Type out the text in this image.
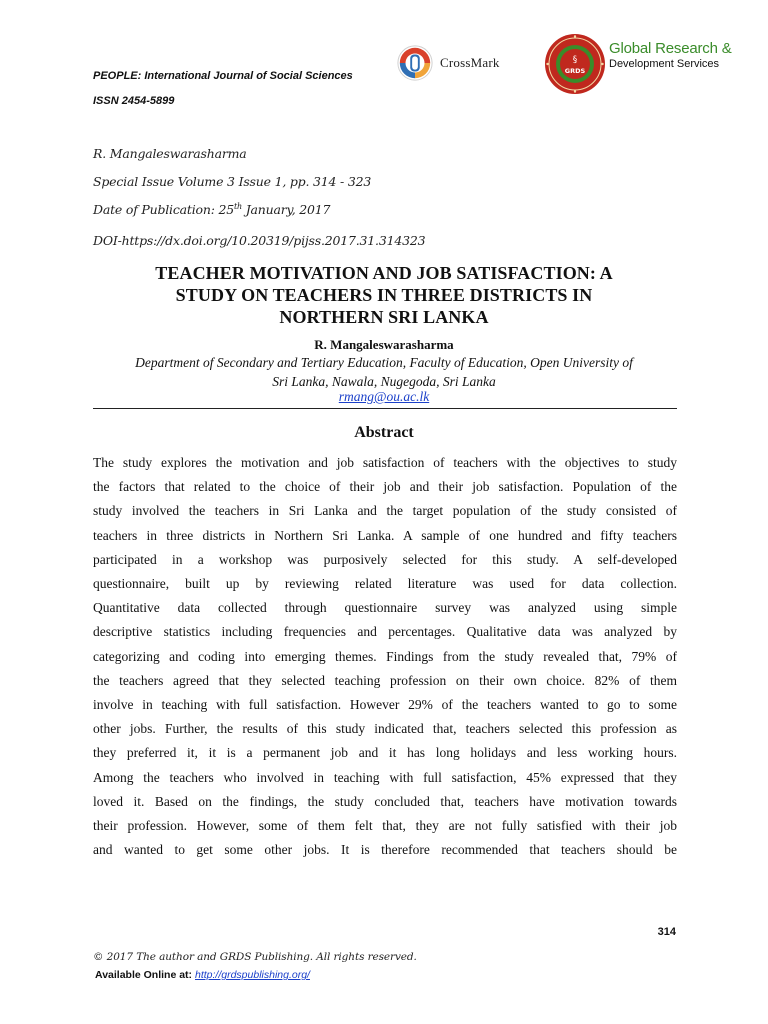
PEOPLE: International Journal of Social Sciences
ISSN 2454-5899
CrossMark	§
GRDS
Global Research &
Development Services
R. Mangaleswarasharma
Special Issue Volume 3 Issue 1, pp. 314 - 323
Date of Publication: 25th January, 2017
DOI-https://dx.doi.org/10.20319/pijss.2017.31.314323
TEACHER MOTIVATION AND JOB SATISFACTION: A
STUDY ON TEACHERS IN THREE DISTRICTS IN
NORTHERN SRI LANKA
R. Mangaleswarasharma
Department of Secondary and Tertiary Education, Faculty of Education, Open University of
Sri Lanka, Nawala, Nugegoda, Sri Lanka
rmang@ou.ac.lk
Abstract
The study explores the motivation and job satisfaction of teachers with the objectives to study
the factors that related to the choice of their job and their job satisfaction. Population of the
study involved the teachers in Sri Lanka and the target population of the study consisted of
teachers in three districts in Northern Sri Lanka. A sample of one hundred and fifty teachers
participated in a workshop was purposively selected for this study. A self-developed
questionnaire, built up by reviewing related literature was used for data collection.
Quantitative data collected through questionnaire survey was analyzed using simple
descriptive statistics including frequencies and percentages. Qualitative data was analyzed by
categorizing and coding into emerging themes. Findings from the study revealed that, 79% of
the teachers agreed that they selected teaching profession on their own choice. 82% of them
involve in teaching with full satisfaction. However 29% of the teachers wanted to go to some
other jobs. Further, the results of this study indicated that, teachers selected this profession as
they preferred it, it is a permanent job and it has long holidays and less working hours.
Among the teachers who involved in teaching with full satisfaction, 45% expressed that they
loved it. Based on the findings, the study concluded that, teachers have motivation towards
their profession. However, some of them felt that, they are not fully satisfied with their job
and wanted to get some other jobs. It is therefore recommended that teachers should be
314
© 2017 The author and GRDS Publishing. All rights reserved.
Available Online at: http://grdspublishing.org/
